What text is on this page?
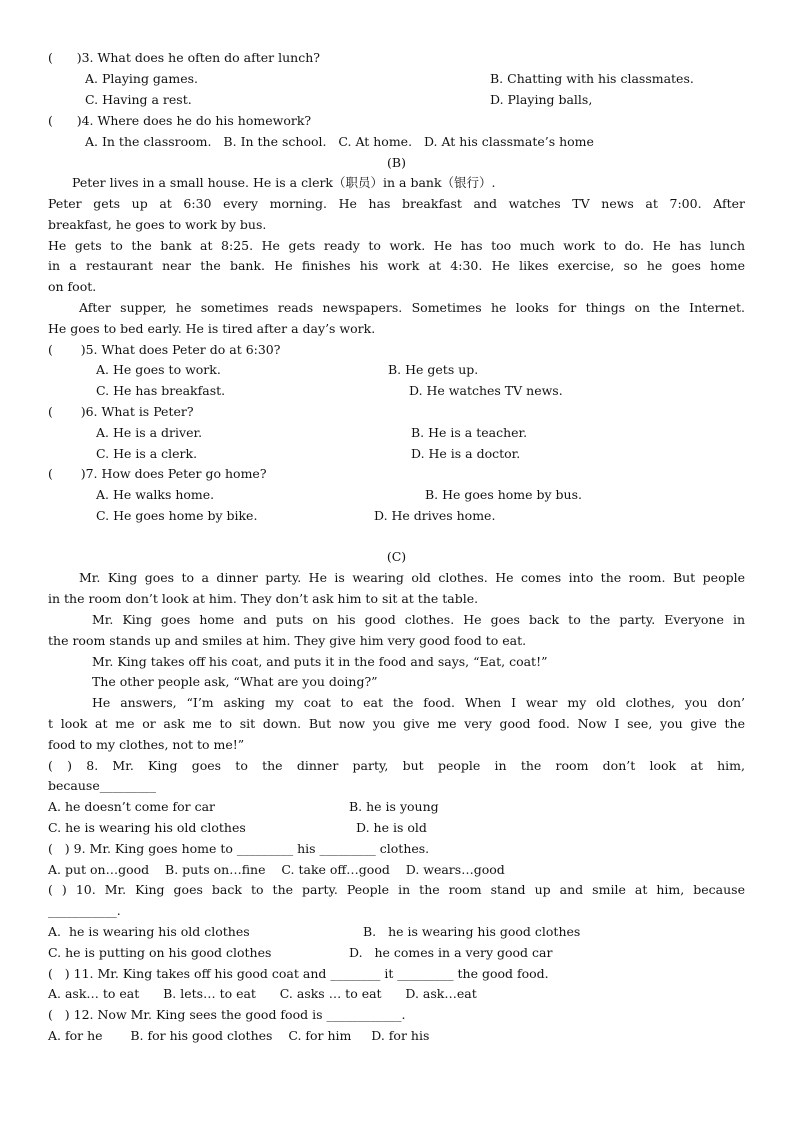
(      )3. What does he often do after lunch?
A. Playing games.	B. Chatting with his classmates.
C. Having a rest.	D. Playing balls,
(      )4. Where does he do his homework?
A. In the classroom.   B. In the school.   C. At home.   D. At his classmate’s home
(B)
Peter lives in a small house. He is a clerk（职员）in a bank（银行）.
Peter gets up at 6:30 every morning. He has breakfast and watches TV news at 7:00. After
breakfast, he goes to work by bus.
He gets to the bank at 8:25. He gets ready to work. He has too much work to do. He has lunch
in a restaurant near the bank. He finishes his work at 4:30. He likes exercise, so he goes home
on foot.
After supper, he sometimes reads newspapers. Sometimes he looks for things on the Internet.
He goes to bed early. He is tired after a day’s work.
(       )5. What does Peter do at 6:30?
A. He goes to work.	B. He gets up.
C. He has breakfast.	D. He watches TV news.
(       )6. What is Peter?
A. He is a driver.	B. He is a teacher.
C. He is a clerk.	D. He is a doctor.
(       )7. How does Peter go home?
A. He walks home.	B. He goes home by bus.
C. He goes home by bike.	D. He drives home.
(C)
Mr. King goes to a dinner party. He is wearing old clothes. He comes into the room. But people
in the room don’t look at him. They don’t ask him to sit at the table.
Mr. King goes home and puts on his good clothes. He goes back to the party. Everyone in
the room stands up and smiles at him. They give him very good food to eat.
Mr. King takes off his coat, and puts it in the food and says, “Eat, coat!”
The other people ask, “What are you doing?”
He answers, “I’m asking my coat to eat the food. When I wear my old clothes, you don’
t look at me or ask me to sit down. But now you give me very good food. Now I see, you give the
food to my clothes, not to me!”
( ) 8. Mr. King goes to the dinner party, but people in the room don’t look at him,
because_________
A. he doesn’t come for car	B. he is young
C. he is wearing his old clothes	D. he is old
(   ) 9. Mr. King goes home to _________ his _________ clothes.
A. put on…good    B. puts on…fine    C. take off…good    D. wears…good
( ) 10. Mr. King goes back to the party. People in the room stand up and smile at him, because
___________.
A.  he is wearing his old clothes	B.   he is wearing his good clothes
C. he is putting on his good clothes	D.   he comes in a very good car
(   ) 11. Mr. King takes off his good coat and ________ it _________ the good food.
A. ask… to eat      B. lets… to eat      C. asks … to eat      D. ask…eat
(   ) 12. Now Mr. King sees the good food is ____________.
A. for he       B. for his good clothes    C. for him     D. for his
